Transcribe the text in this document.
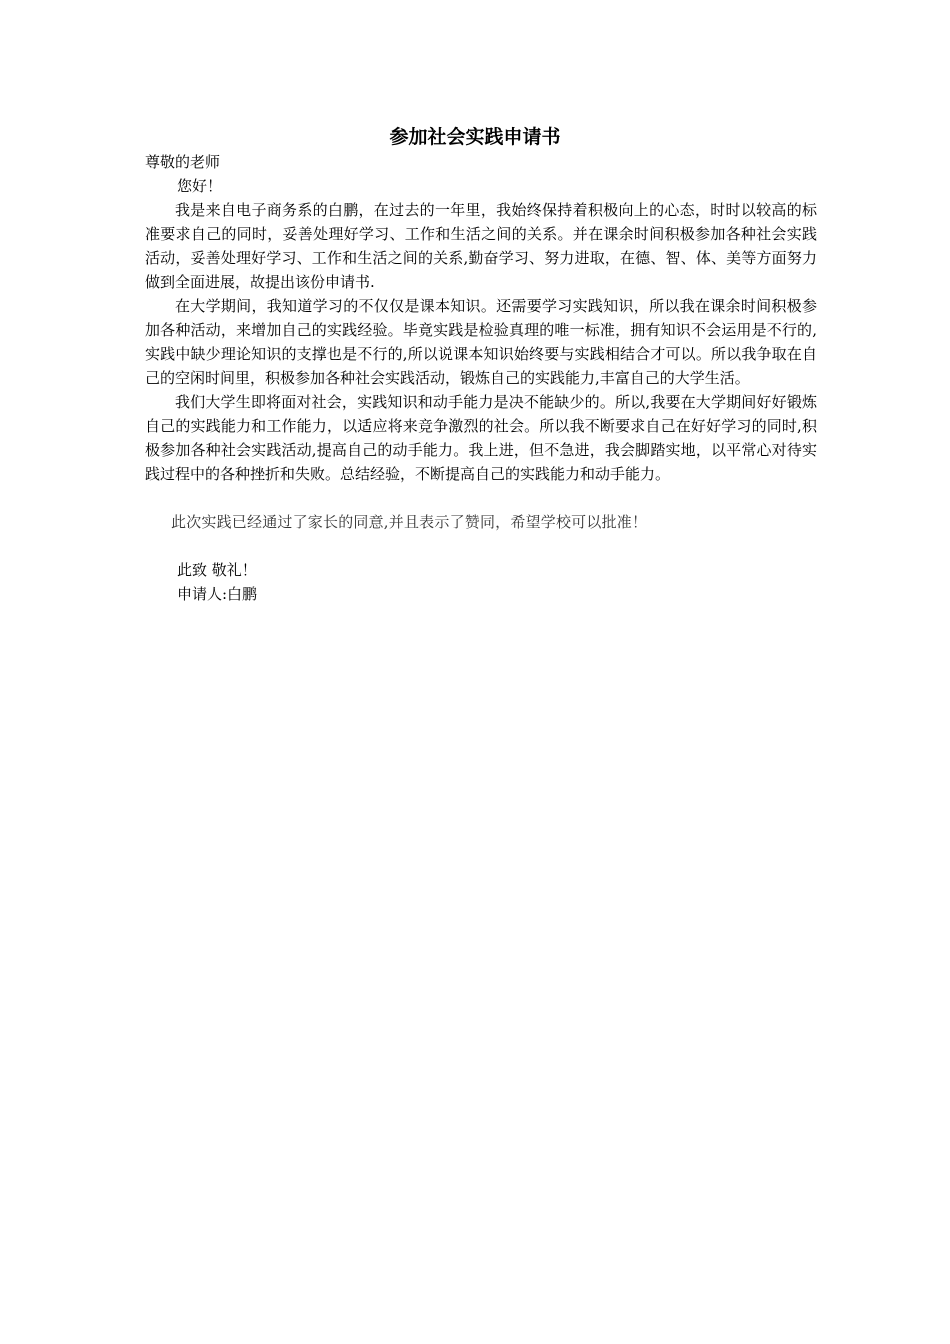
参加社会实践申请书

尊敬的老师

您好！

我是来自电子商务系的白鹏，在过去的一年里，我始终保持着积极向上的心态，时时以较高的标准要求自己的同时，妥善处理好学习、工作和生活之间的关系。并在课余时间积极参加各种社会实践活动，妥善处理好学习、工作和生活之间的关系,勤奋学习、努力进取，在德、智、体、美等方面努力做到全面进展，故提出该份申请书.

在大学期间，我知道学习的不仅仅是课本知识。还需要学习实践知识，所以我在课余时间积极参加各种活动，来增加自己的实践经验。毕竟实践是检验真理的唯一标准，拥有知识不会运用是不行的,实践中缺少理论知识的支撑也是不行的,所以说课本知识始终要与实践相结合才可以。所以我争取在自己的空闲时间里，积极参加各种社会实践活动，锻炼自己的实践能力,丰富自己的大学生活。

我们大学生即将面对社会，实践知识和动手能力是决不能缺少的。所以,我要在大学期间好好锻炼自己的实践能力和工作能力，以适应将来竞争激烈的社会。所以我不断要求自己在好好学习的同时,积极参加各种社会实践活动,提高自己的动手能力。我上进，但不急进，我会脚踏实地，以平常心对待实践过程中的各种挫折和失败。总结经验，不断提高自己的实践能力和动手能力。

此次实践已经通过了家长的同意,并且表示了赞同，希望学校可以批准！

此致 敬礼！

申请人:白鹏
